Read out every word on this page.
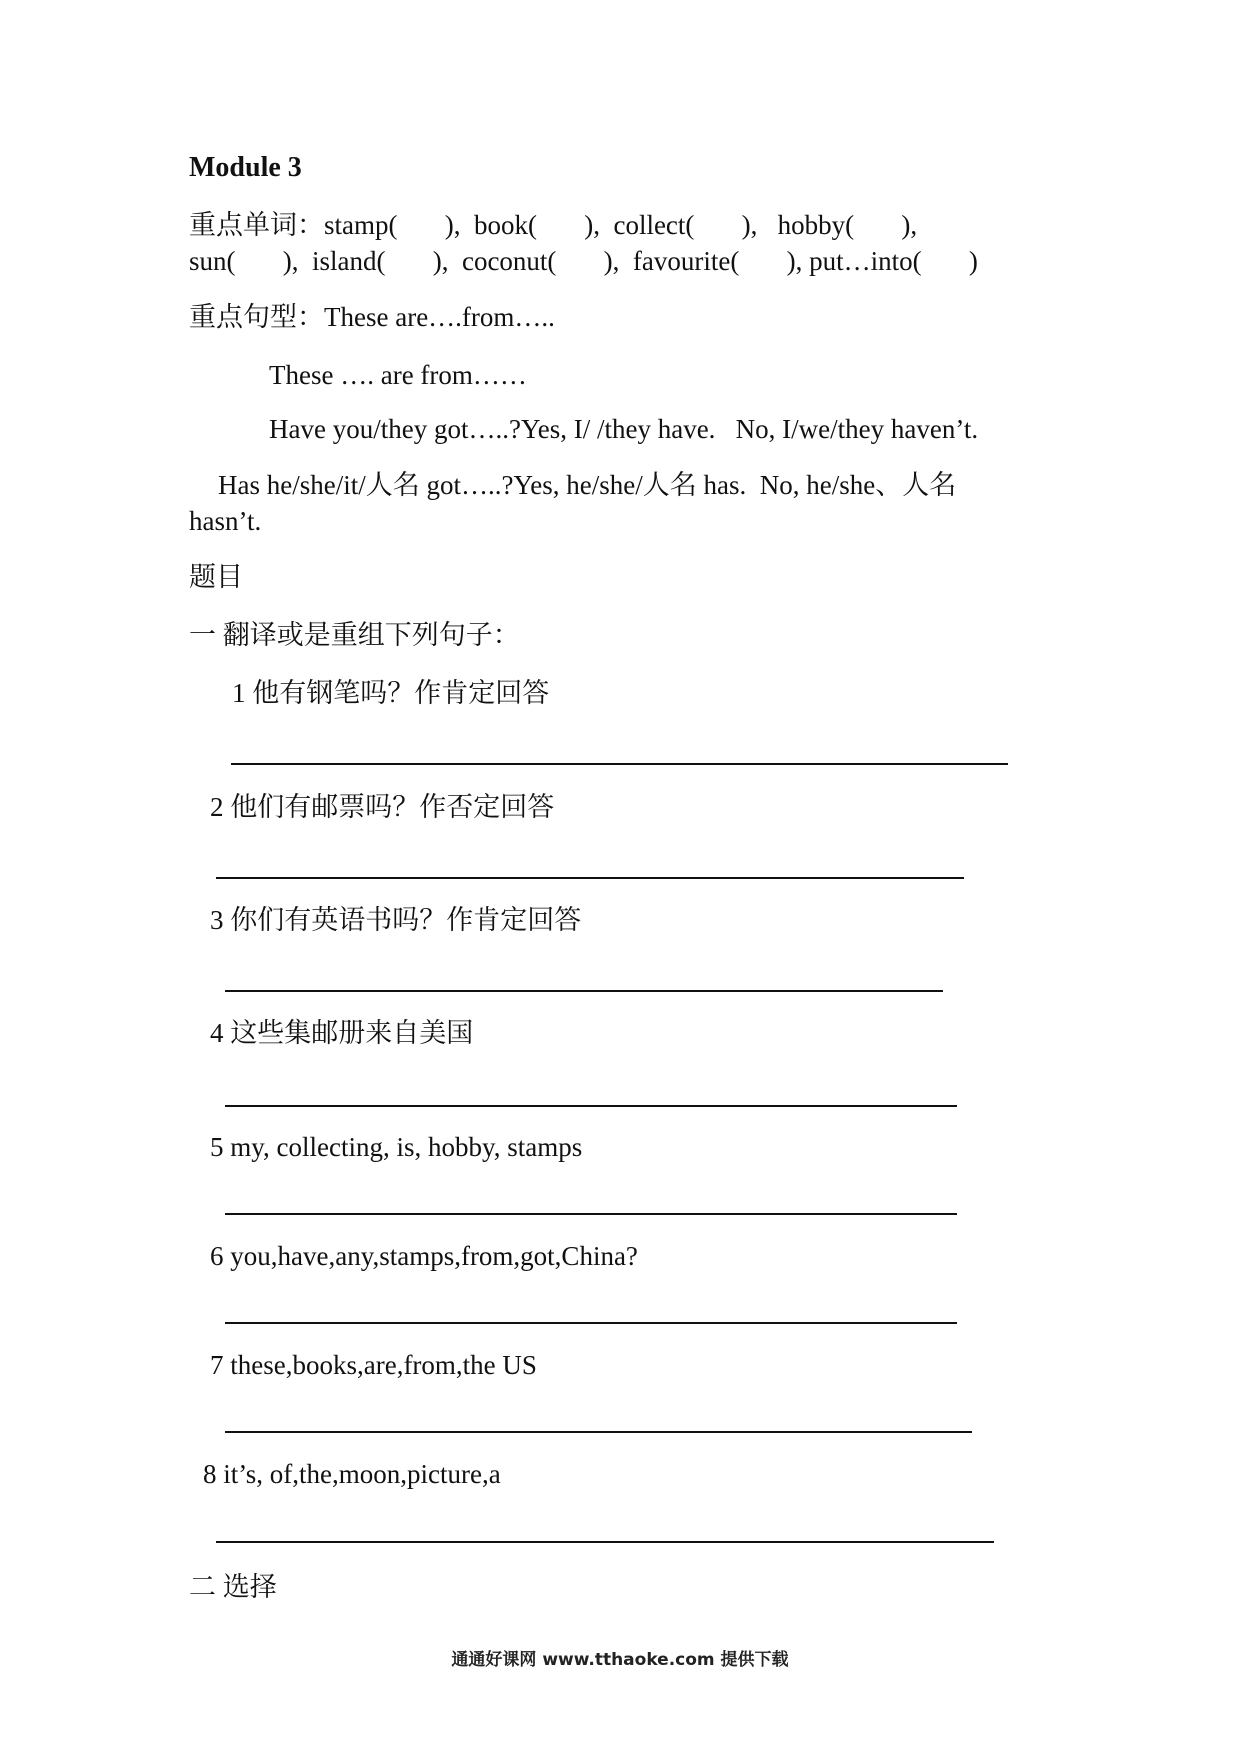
Module 3
重点单词：stamp(       ),  book(       ),  collect(       ),   hobby(       ),
sun(       ),  island(       ),  coconut(       ),  favourite(       ), put…into(       )
重点句型：These are….from…..
These …. are from……
Have you/they got…..?Yes, I/ /they have.   No, I/we/they haven’t.
Has he/she/it/人名 got…..?Yes, he/she/人名 has.  No, he/she、人名
hasn’t.
题目
一 翻译或是重组下列句子：
1 他有钢笔吗？作肯定回答
2 他们有邮票吗？作否定回答
3 你们有英语书吗？作肯定回答
4 这些集邮册来自美国
5 my, collecting, is, hobby, stamps
6 you,have,any,stamps,from,got,China?
7 these,books,are,from,the US
8 it’s, of,the,moon,picture,a
二 选择
通通好课网 www.tthaoke.com 提供下载
